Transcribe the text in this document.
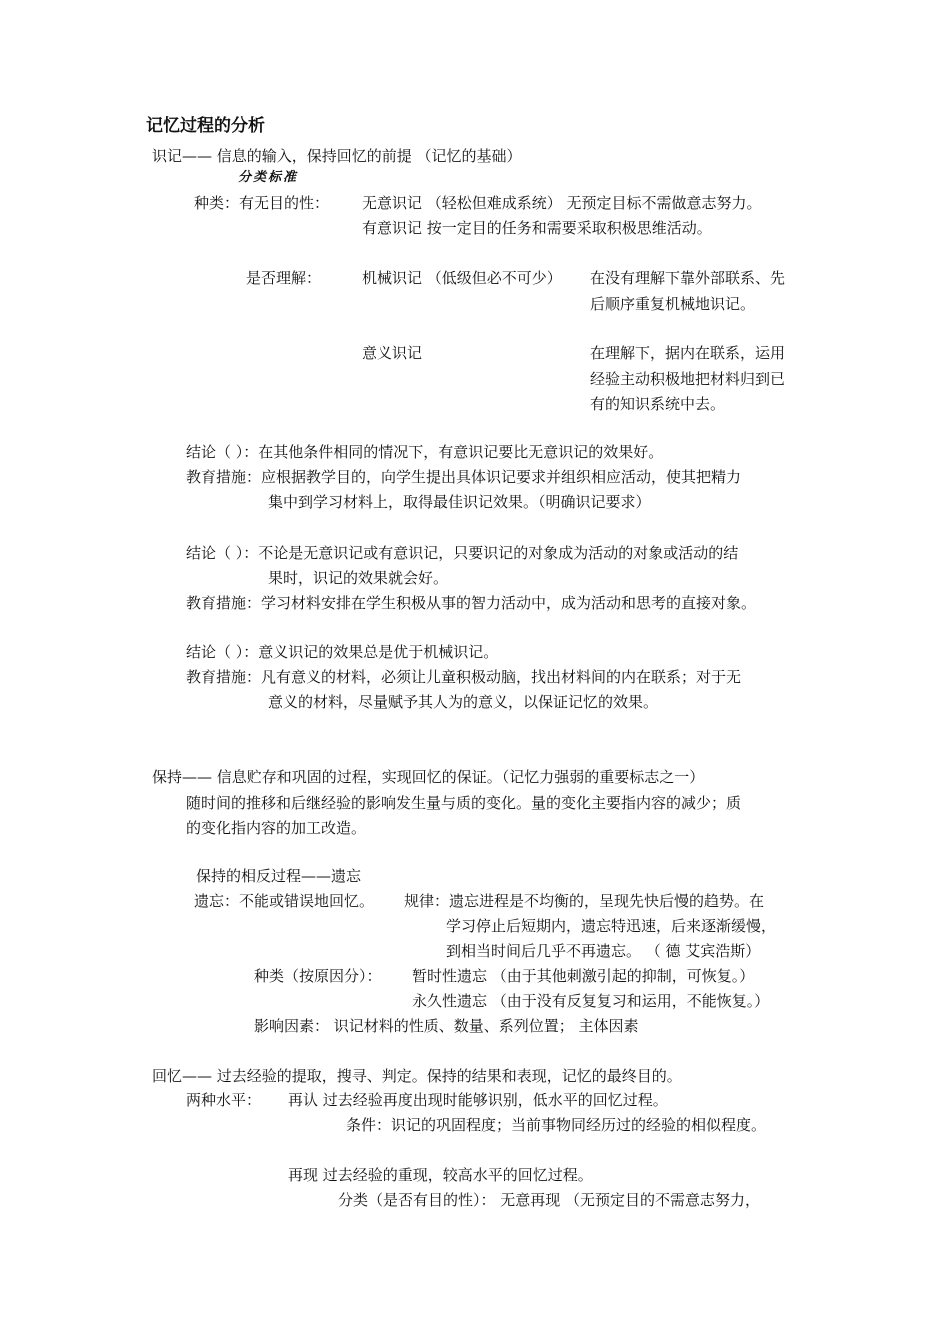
记忆过程的分析
识记—— 信息的输入，保持回忆的前提 （记忆的基础）
分类标准
种类：有无目的性： 无意识记 （轻松但难成系统） 无预定目标不需做意志努力。
有意识记 按一定目的任务和需要采取积极思维活动。
是否理解：	机械识记 （低级但必不可少） 在没有理解下靠外部联系、先
后顺序重复机械地识记。
意义识记	在理解下，据内在联系，运用
经验主动积极地把材料归到已
有的知识系统中去。
结论（ ）：在其他条件相同的情况下，有意识记要比无意识记的效果好。
教育措施：应根据教学目的，向学生提出具体识记要求并组织相应活动，使其把精力
集中到学习材料上，取得最佳识记效果。（明确识记要求）
结论（ ）：不论是无意识记或有意识记，只要识记的对象成为活动的对象或活动的结
果时，识记的效果就会好。
教育措施：学习材料安排在学生积极从事的智力活动中，成为活动和思考的直接对象。
结论（ ）：意义识记的效果总是优于机械识记。
教育措施：凡有意义的材料，必须让儿童积极动脑，找出材料间的内在联系；对于无
意义的材料，尽量赋予其人为的意义，以保证记忆的效果。
保持—— 信息贮存和巩固的过程，实现回忆的保证。（记忆力强弱的重要标志之一）
随时间的推移和后继经验的影响发生量与质的变化。量的变化主要指内容的减少；质
的变化指内容的加工改造。
保持的相反过程——遗忘
遗忘：不能或错误地回忆。 规律：遗忘进程是不均衡的，呈现先快后慢的趋势。在
学习停止后短期内，遗忘特迅速，后来逐渐缓慢，
到相当时间后几乎不再遗忘。 （ 德 艾宾浩斯）
种类（按原因分）： 暂时性遗忘 （由于其他刺激引起的抑制，可恢复。）
永久性遗忘 （由于没有反复复习和运用，不能恢复。）
影响因素： 识记材料的性质、数量、系列位置； 主体因素
回忆—— 过去经验的提取，搜寻、判定。保持的结果和表现，记忆的最终目的。
两种水平： 再认 过去经验再度出现时能够识别，低水平的回忆过程。
条件：识记的巩固程度；当前事物同经历过的经验的相似程度。
再现 过去经验的重现，较高水平的回忆过程。
分类（是否有目的性）： 无意再现 （无预定目的不需意志努力，
